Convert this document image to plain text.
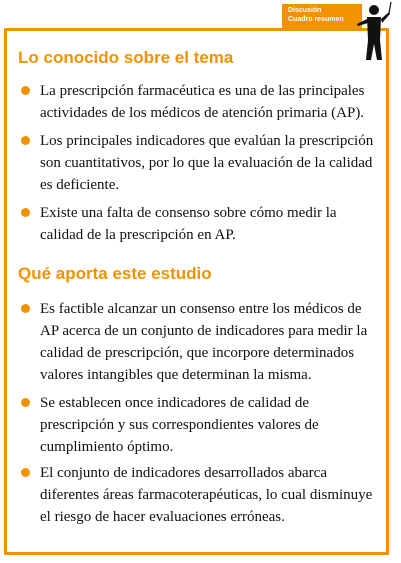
Discusión
Cuadro resumen
Lo conocido sobre el tema
La prescripción farmacéutica es una de las principales actividades de los médicos de atención primaria (AP).
Los principales indicadores que evalúan la prescripción son cuantitativos, por lo que la evaluación de la calidad es deficiente.
Existe una falta de consenso sobre cómo medir la calidad de la prescripción en AP.
Qué aporta este estudio
Es factible alcanzar un consenso entre los médicos de AP acerca de un conjunto de indicadores para medir la calidad de prescripción, que incorpore determinados valores intangibles que determinan la misma.
Se establecen once indicadores de calidad de prescripción y sus correspondientes valores de cumplimiento óptimo.
El conjunto de indicadores desarrollados abarca diferentes áreas farmacoterapéuticas, lo cual disminuye el riesgo de hacer evaluaciones erróneas.
